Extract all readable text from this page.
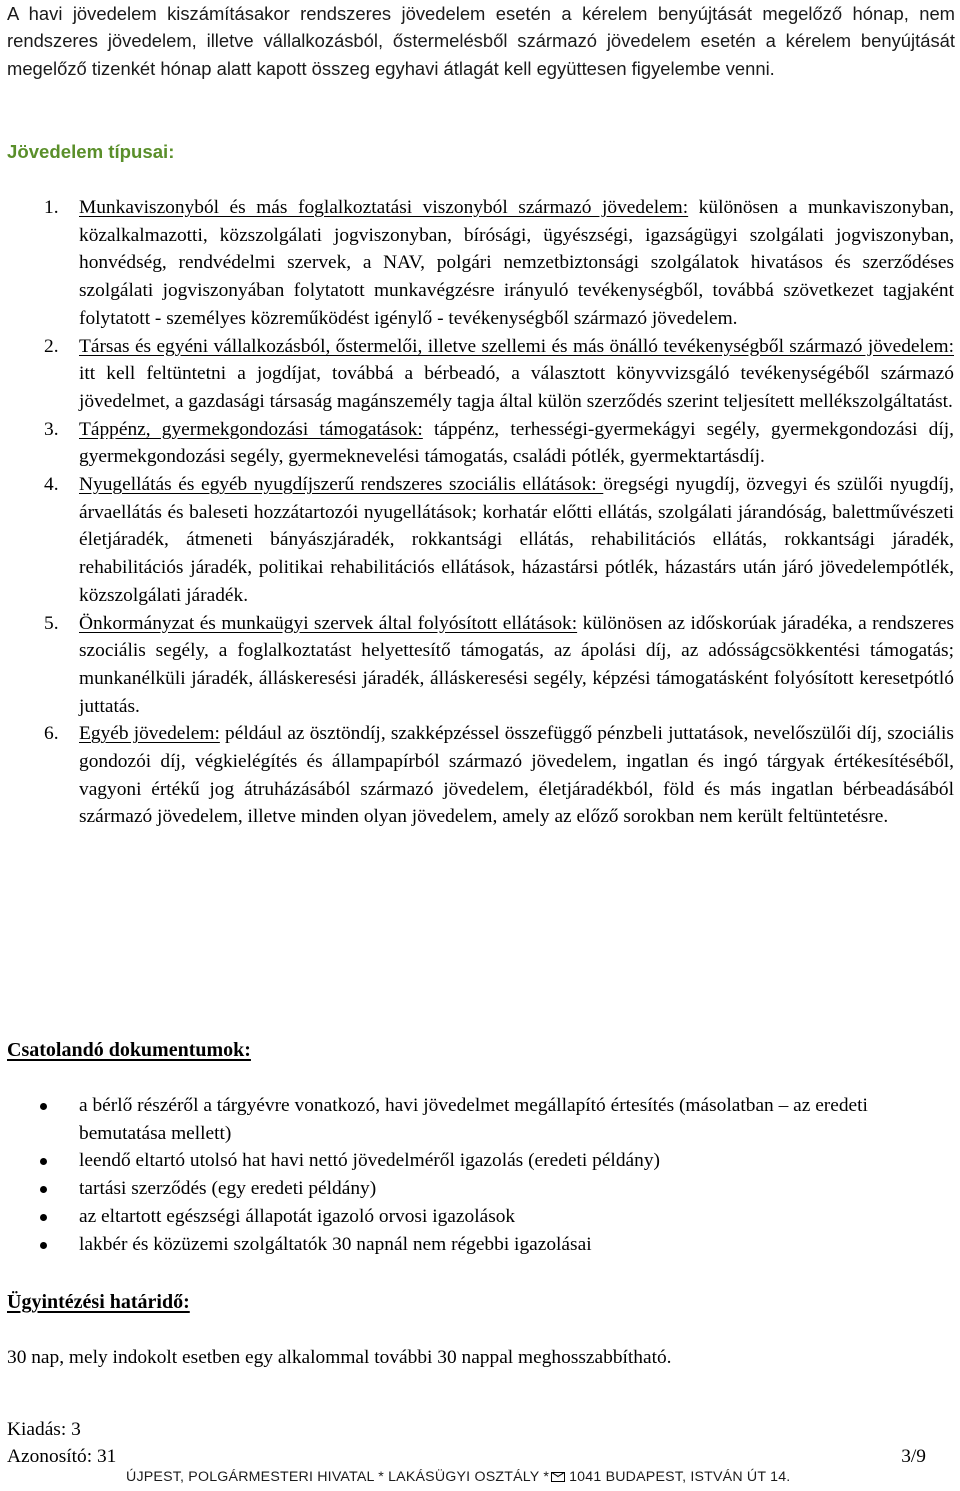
A havi jövedelem kiszámításakor rendszeres jövedelem esetén a kérelem benyújtását megelőző hónap, nem rendszeres jövedelem, illetve vállalkozásból, őstermelésből származó jövedelem esetén a kérelem benyújtását megelőző tizenkét hónap alatt kapott összeg egyhavi átlagát kell együttesen figyelembe venni.

Jövedelem típusai:
1. Munkaviszonyból és más foglalkoztatási viszonyból származó jövedelem: különösen a munkaviszonyban, közalkalmazotti, közszolgálati jogviszonyban, bírósági, ügyészségi, igazságügyi szolgálati jogviszonyban, honvédség, rendvédelmi szervek, a NAV, polgári nemzetbiztonsági szolgálatok hivatásos és szerződéses szolgálati jogviszonyában folytatott munkavégzésre irányuló tevékenységből, továbbá szövetkezet tagjaként folytatott - személyes közreműködést igénylő - tevékenységből származó jövedelem.
2. Társas és egyéni vállalkozásból, őstermelői, illetve szellemi és más önálló tevékenységből származó jövedelem: itt kell feltüntetni a jogdíjat, továbbá a bérbeadó, a választott könyvvizsgáló tevékenységéből származó jövedelmet, a gazdasági társaság magánszemély tagja által külön szerződés szerint teljesített mellékszolgáltatást.
3. Táppénz, gyermekgondozási támogatások: táppénz, terhességi-gyermekágyi segély, gyermekgondozási díj, gyermekgondozási segély, gyermeknevelési támogatás, családi pótlék, gyermektartásdíj.
4. Nyugellátás és egyéb nyugdíjszerű rendszeres szociális ellátások: öregségi nyugdíj, özvegyi és szülői nyugdíj, árvaellátás és baleseti hozzátartozói nyugellátások; korhatár előtti ellátás, szolgálati járandóság, balettművészeti életjáradék, átmeneti bányászjáradék, rokkantsági ellátás, rehabilitációs ellátás, rokkantsági járadék, rehabilitációs járadék, politikai rehabilitációs ellátások, házastársi pótlék, házastárs után járó jövedelempótlék, közszolgálati járadék.
5. Önkormányzat és munkaügyi szervek által folyósított ellátások: különösen az időskorúak járadéka, a rendszeres szociális segély, a foglalkoztatást helyettesítő támogatás, az ápolási díj, az adósságcsökkentési támogatás; munkanélküli járadék, álláskeresési járadék, álláskeresési segély, képzési támogatásként folyósított keresetpótló juttatás.
6. Egyéb jövedelem: például az ösztöndíj, szakképzéssel összefüggő pénzbeli juttatások, nevelőszülői díj, szociális gondozói díj, végkielégítés és állampapírból származó jövedelem, ingatlan és ingó tárgyak értékesítéséből, vagyoni értékű jog átruházásából származó jövedelem, életjáradékból, föld és más ingatlan bérbeadásából származó jövedelem, illetve minden olyan jövedelem, amely az előző sorokban nem került feltüntetésre.
Csatolandó dokumentumok:
a bérlő részéről a tárgyévre vonatkozó, havi jövedelmet megállapító értesítés (másolatban – az eredeti bemutatása mellett)
leendő eltartó utolsó hat havi nettó jövedelméről igazolás (eredeti példány)
tartási szerződés (egy eredeti példány)
az eltartott egészségi állapotát igazoló orvosi igazolások
lakbér és közüzemi szolgáltatók 30 napnál nem régebbi igazolásai
Ügyintézési határidő:
30 nap, mely indokolt esetben egy alkalommal további 30 nappal meghosszabbítható.
Kiadás: 3
Azonosító: 31	3/9
ÚJPEST, POLGÁRMESTERI HIVATAL * LAKÁSÜGYI OSZTÁLY * 1041 BUDAPEST, ISTVÁN ÚT 14.
